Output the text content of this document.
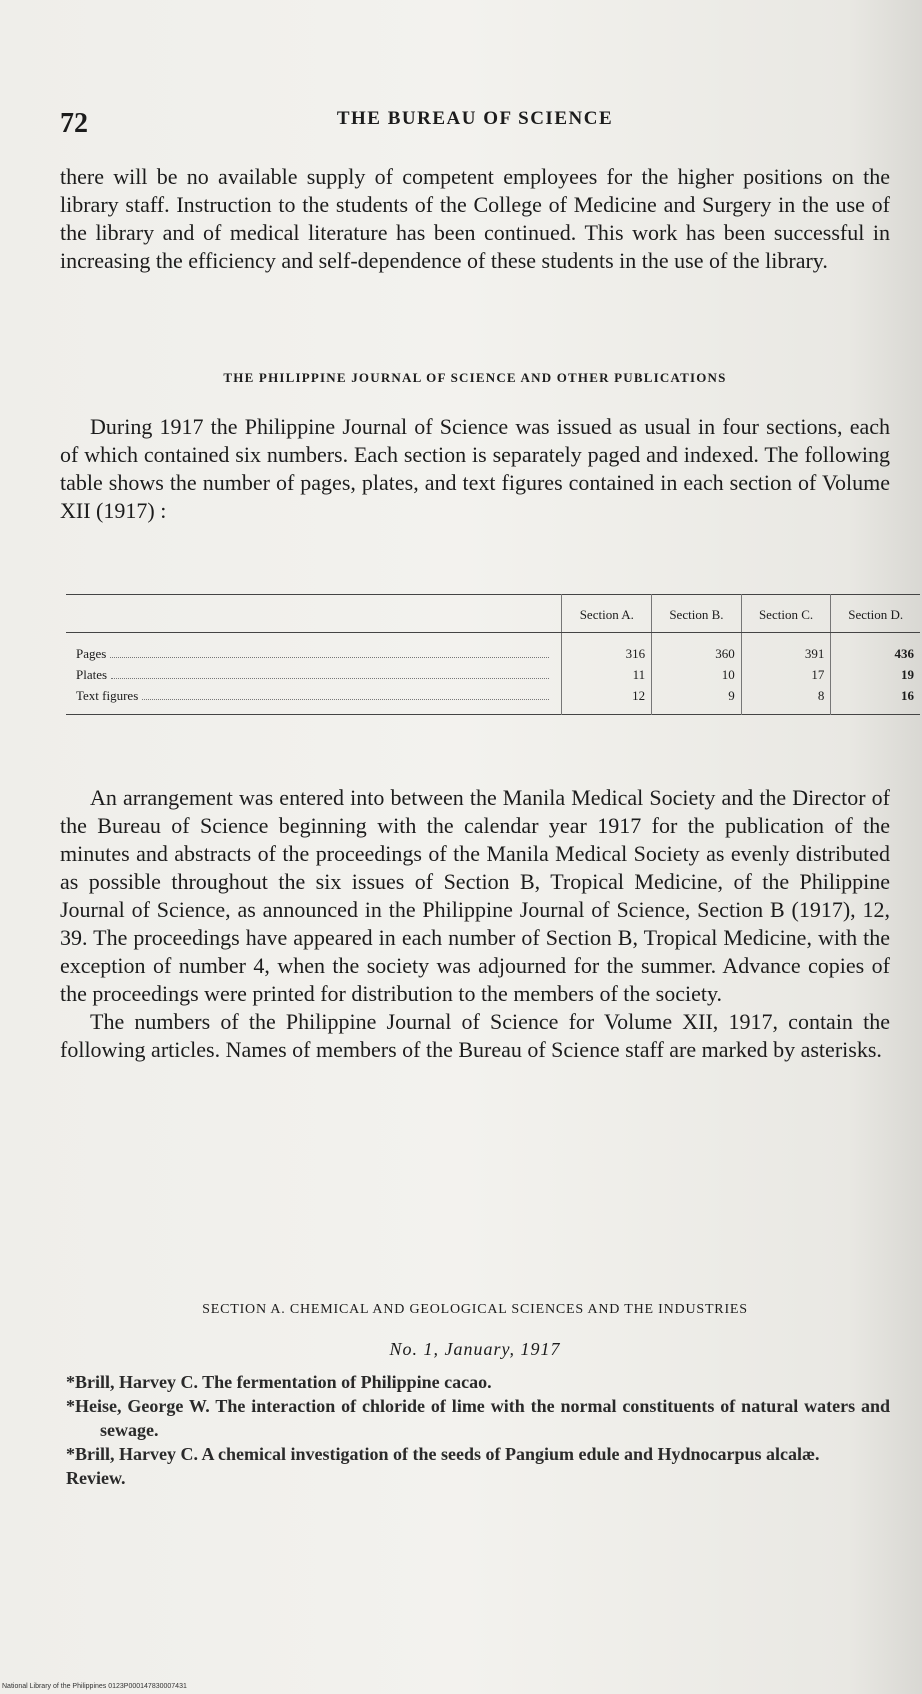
72	THE BUREAU OF SCIENCE

there will be no available supply of competent employees for the higher positions on the library staff. Instruction to the students of the College of Medicine and Surgery in the use of the library and of medical literature has been continued. This work has been successful in increasing the efficiency and self-dependence of these students in the use of the library.

THE PHILIPPINE JOURNAL OF SCIENCE AND OTHER PUBLICATIONS

During 1917 the Philippine Journal of Science was issued as usual in four sections, each of which contained six numbers. Each section is separately paged and indexed. The following table shows the number of pages, plates, and text figures contained in each section of Volume XII (1917) :

	Section A.	Section B.	Section C.	Section D.

Pages	316	360	391	436

Plates	11	10	17	19

Text figures	12	9	8	16

An arrangement was entered into between the Manila Medical Society and the Director of the Bureau of Science beginning with the calendar year 1917 for the publication of the minutes and abstracts of the proceedings of the Manila Medical Society as evenly distributed as possible throughout the six issues of Section B, Tropical Medicine, of the Philippine Journal of Science, as announced in the Philippine Journal of Science, Section B (1917), 12, 39. The proceedings have appeared in each number of Section B, Tropical Medicine, with the exception of number 4, when the society was adjourned for the summer. Advance copies of the proceedings were printed for distribution to the members of the society.

The numbers of the Philippine Journal of Science for Volume XII, 1917, contain the following articles. Names of members of the Bureau of Science staff are marked by asterisks.

SECTION A. CHEMICAL AND GEOLOGICAL SCIENCES AND THE INDUSTRIES
No. 1, January, 1917
*Brill, Harvey C. The fermentation of Philippine cacao.
*Heise, George W. The interaction of chloride of lime with the normal constituents of natural waters and sewage.
*Brill, Harvey C. A chemical investigation of the seeds of Pangium edule and Hydnocarpus alcalæ.
Review.
National Library of the Philippines 0123P000147830007431
